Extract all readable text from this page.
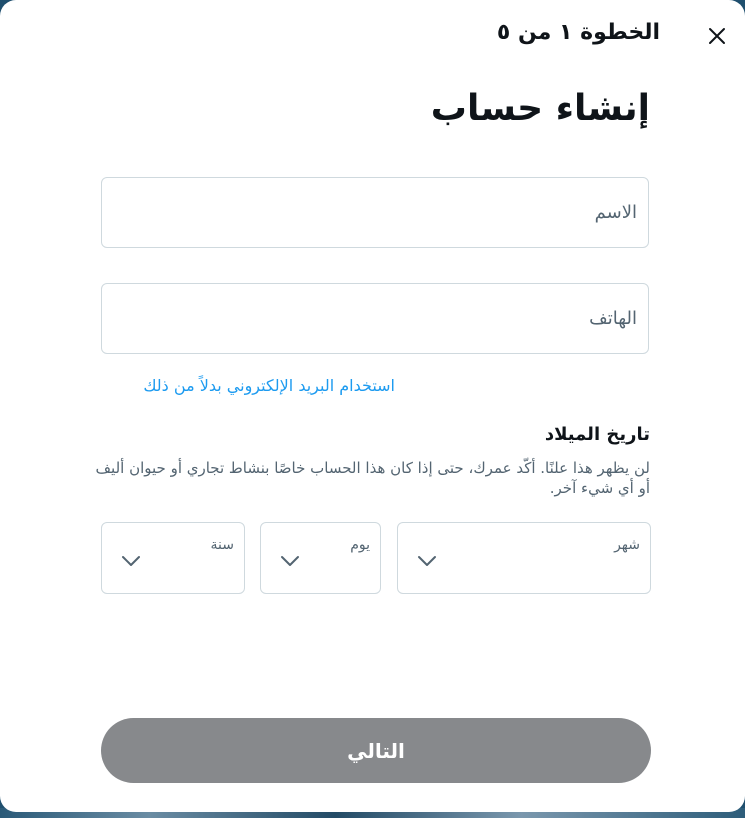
الخطوة ١ من ٥
إنشاء حساب
الاسم
الهاتف
استخدام البريد الإلكتروني بدلاً من ذلك
تاريخ الميلاد

لن يظهر هذا علنًا. أكّد عمرك، حتى إذا كان هذا الحساب خاصًا بنشاط تجاري أو حيوان أليف أو أي شيء آخر.

شهر
يوم
سنة
التالي
